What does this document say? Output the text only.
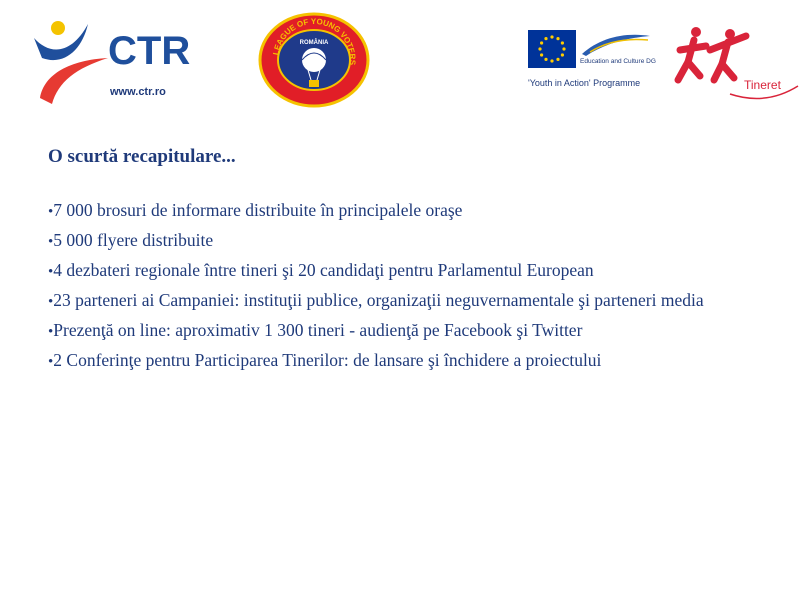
CTR
www.ctr.ro
LEAGUE OF YOUNG VOTERS
ROMÂNIA
Education and Culture DG
'Youth in Action' Programme	Tineret
O scurtă recapitulare...
•7 000 brosuri de informare distribuite în principalele oraşe
•5 000 flyere distribuite
•4 dezbateri regionale între tineri şi 20 candidaţi pentru Parlamentul European
•23 parteneri ai Campaniei: instituţii publice, organizaţii neguvernamentale şi parteneri media
•Prezenţă on line: aproximativ 1 300 tineri - audienţă pe Facebook şi Twitter
•2 Conferinţe pentru Participarea Tinerilor: de lansare şi închidere a proiectului
